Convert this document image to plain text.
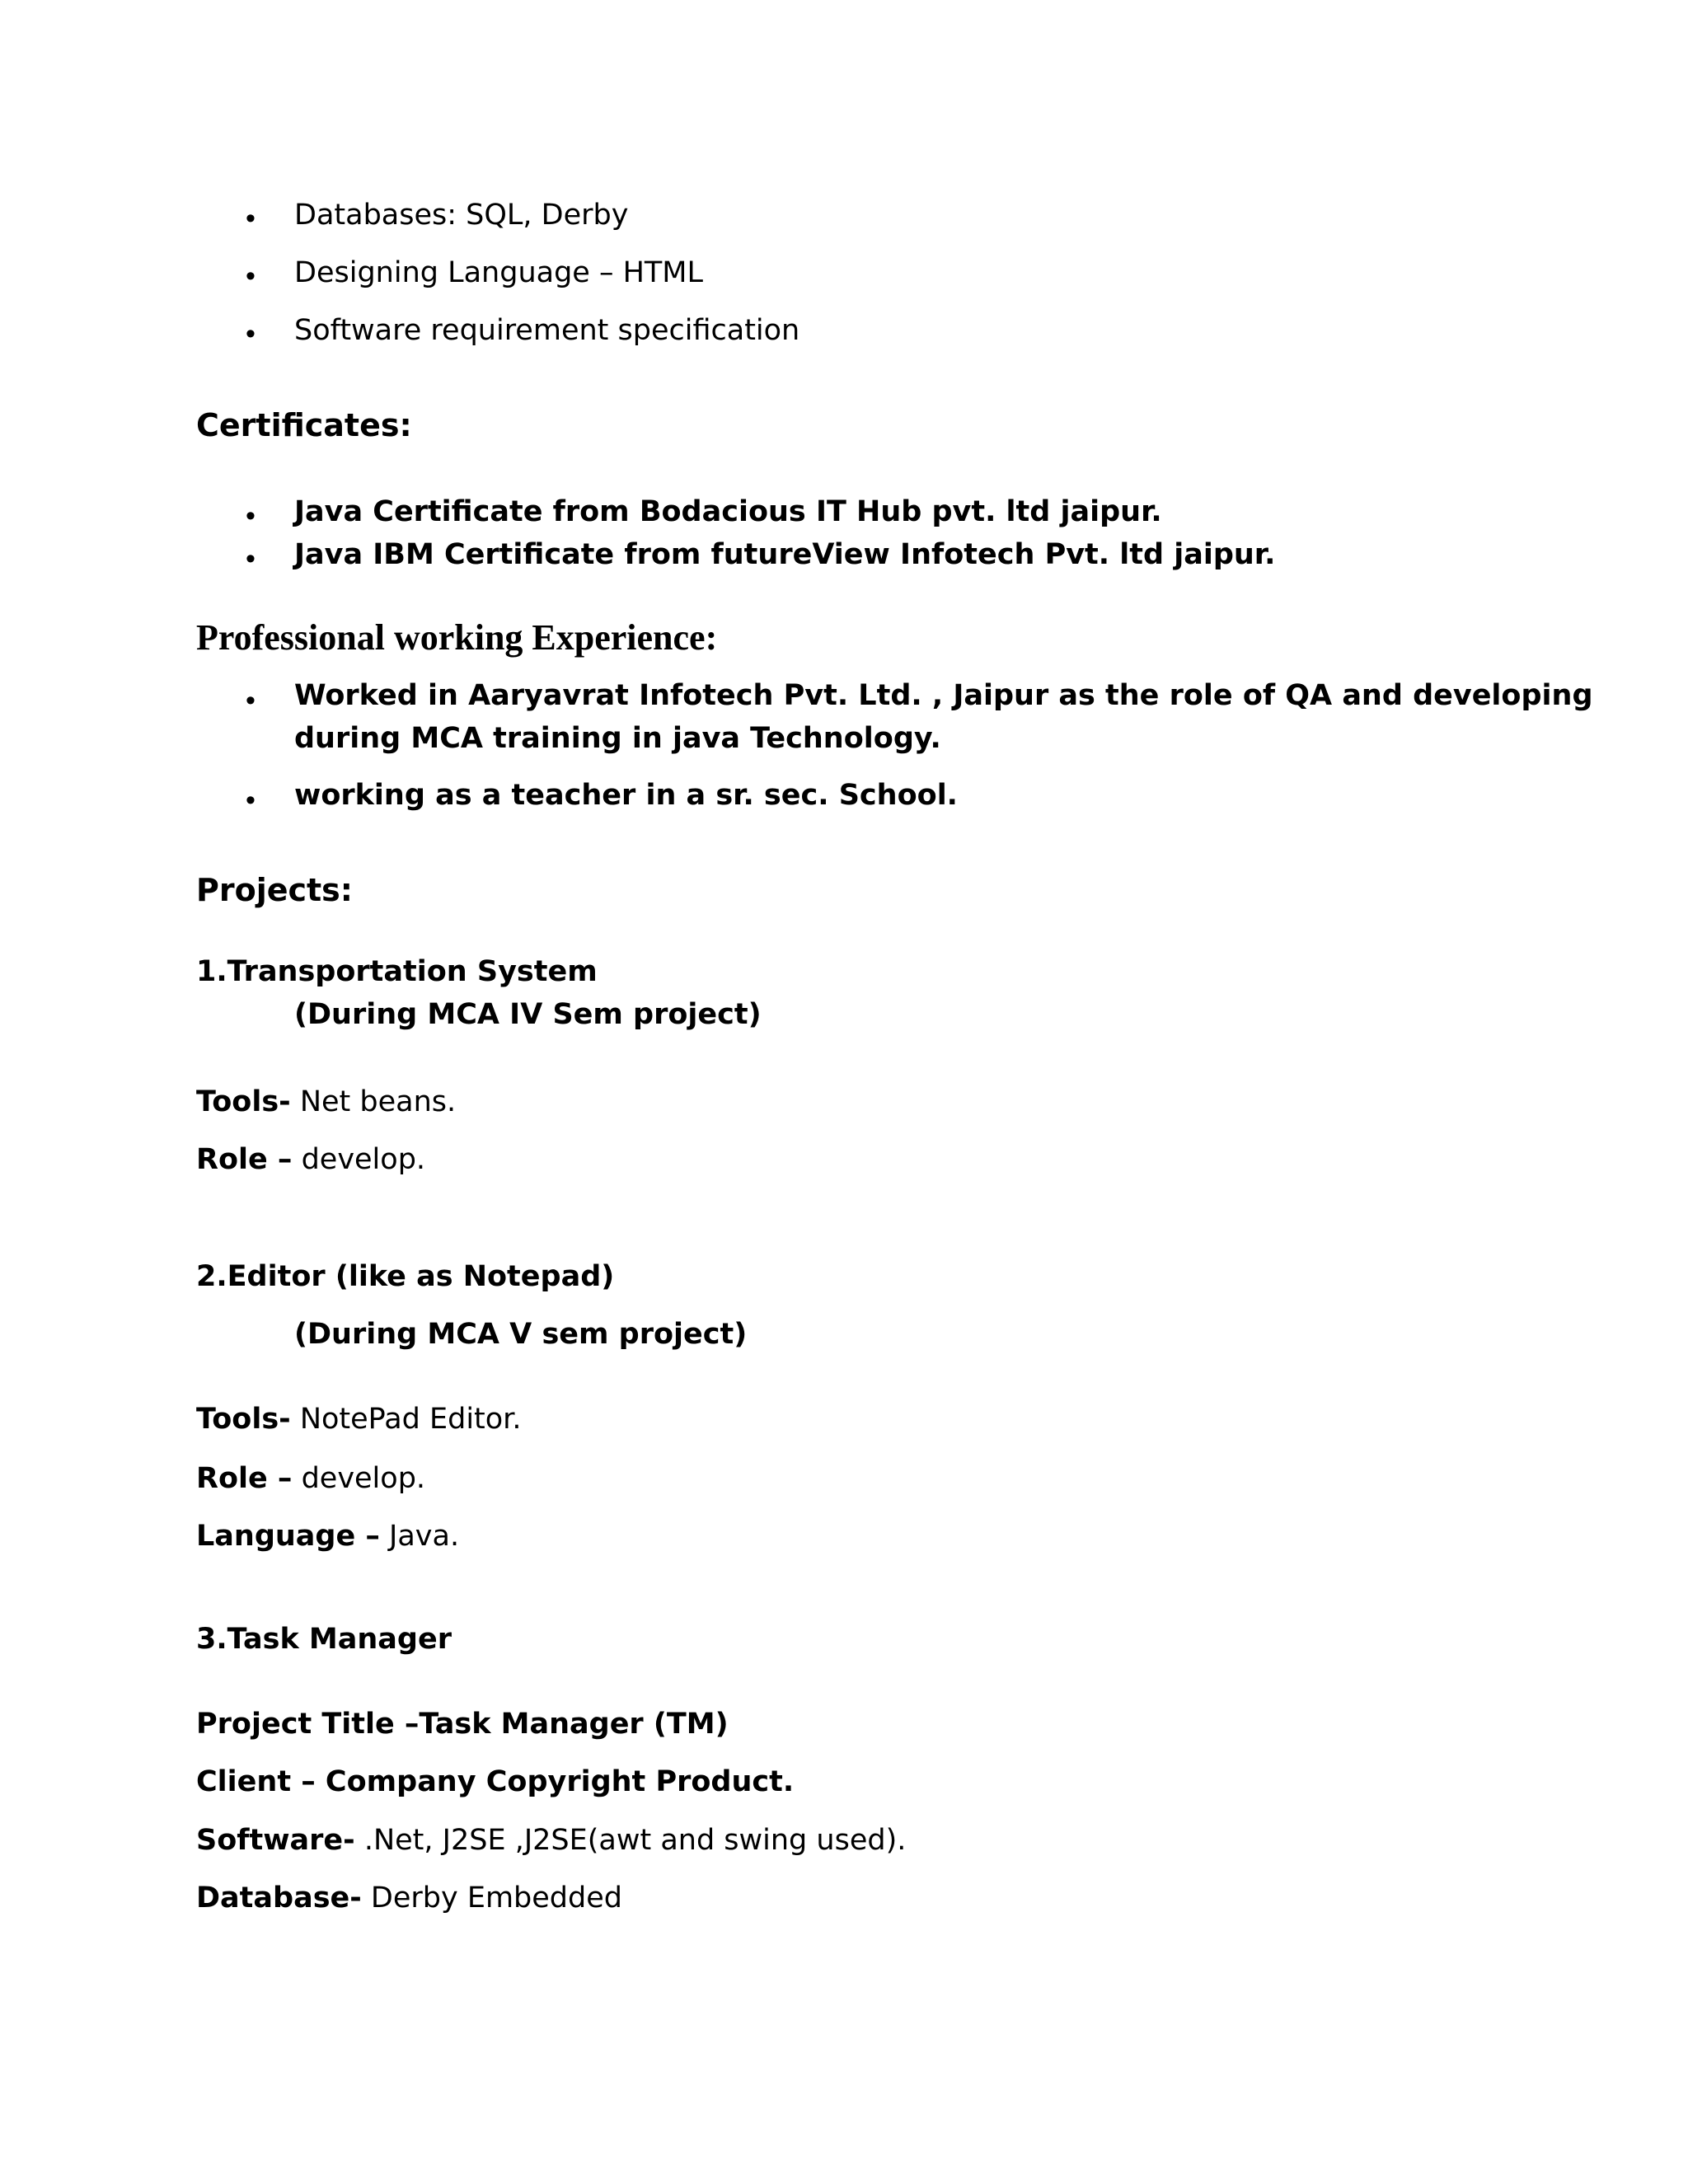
• Databases: SQL, Derby
• Designing Language – HTML
• Software requirement specification
Certificates:
• Java Certificate from Bodacious IT Hub pvt. ltd jaipur.
• Java IBM Certificate from futureView Infotech Pvt. ltd jaipur.
Professional working Experience:
• Worked in Aaryavrat Infotech Pvt. Ltd. , Jaipur as the role of QA and developing during MCA training in java Technology.
• working as a teacher in a sr. sec. School.
Projects:
1.Transportation System
(During MCA IV Sem project)
Tools- Net beans.
Role – develop.
2.Editor (like as Notepad)
(During MCA V sem project)
Tools- NotePad Editor.
Role – develop.
Language – Java.
3.Task Manager
Project Title –Task Manager (TM)
Client – Company Copyright Product.
Software- .Net, J2SE ,J2SE(awt and swing used).
Database- Derby Embedded
